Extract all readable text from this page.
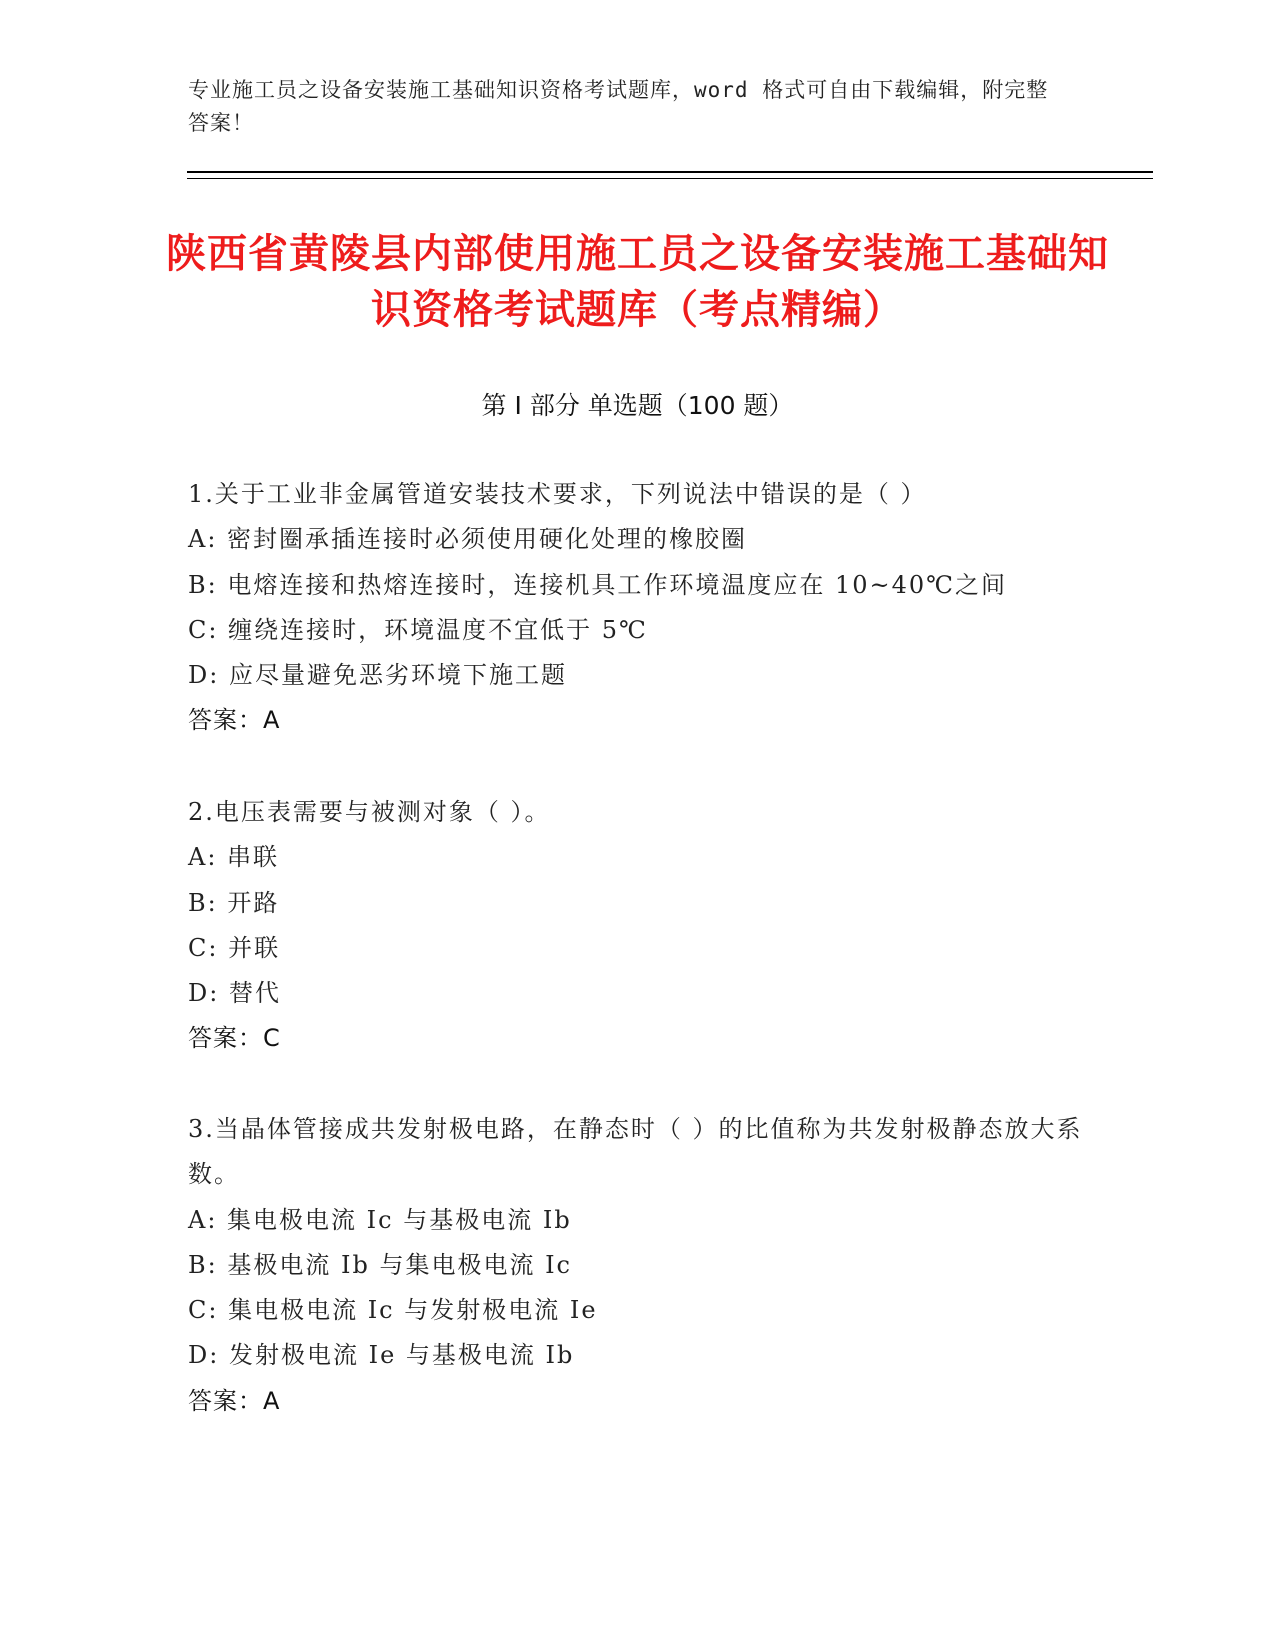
专业施工员之设备安装施工基础知识资格考试题库，word 格式可自由下载编辑，附完整答案！
陕西省黄陵县内部使用施工员之设备安装施工基础知识资格考试题库（考点精编）
第 I 部分 单选题（100 题）
1.关于工业非金属管道安装技术要求，下列说法中错误的是（ ）
A: 密封圈承插连接时必须使用硬化处理的橡胶圈
B: 电熔连接和热熔连接时，连接机具工作环境温度应在 10~40℃之间
C: 缠绕连接时，环境温度不宜低于 5℃
D: 应尽量避免恶劣环境下施工题
答案：A
2.电压表需要与被测对象（ ）。
A: 串联
B: 开路
C: 并联
D: 替代
答案：C
3.当晶体管接成共发射极电路，在静态时（ ）的比值称为共发射极静态放大系数。
A: 集电极电流 Ic 与基极电流 Ib
B: 基极电流 Ib 与集电极电流 Ic
C: 集电极电流 Ic 与发射极电流 Ie
D: 发射极电流 Ie 与基极电流 Ib
答案：A
